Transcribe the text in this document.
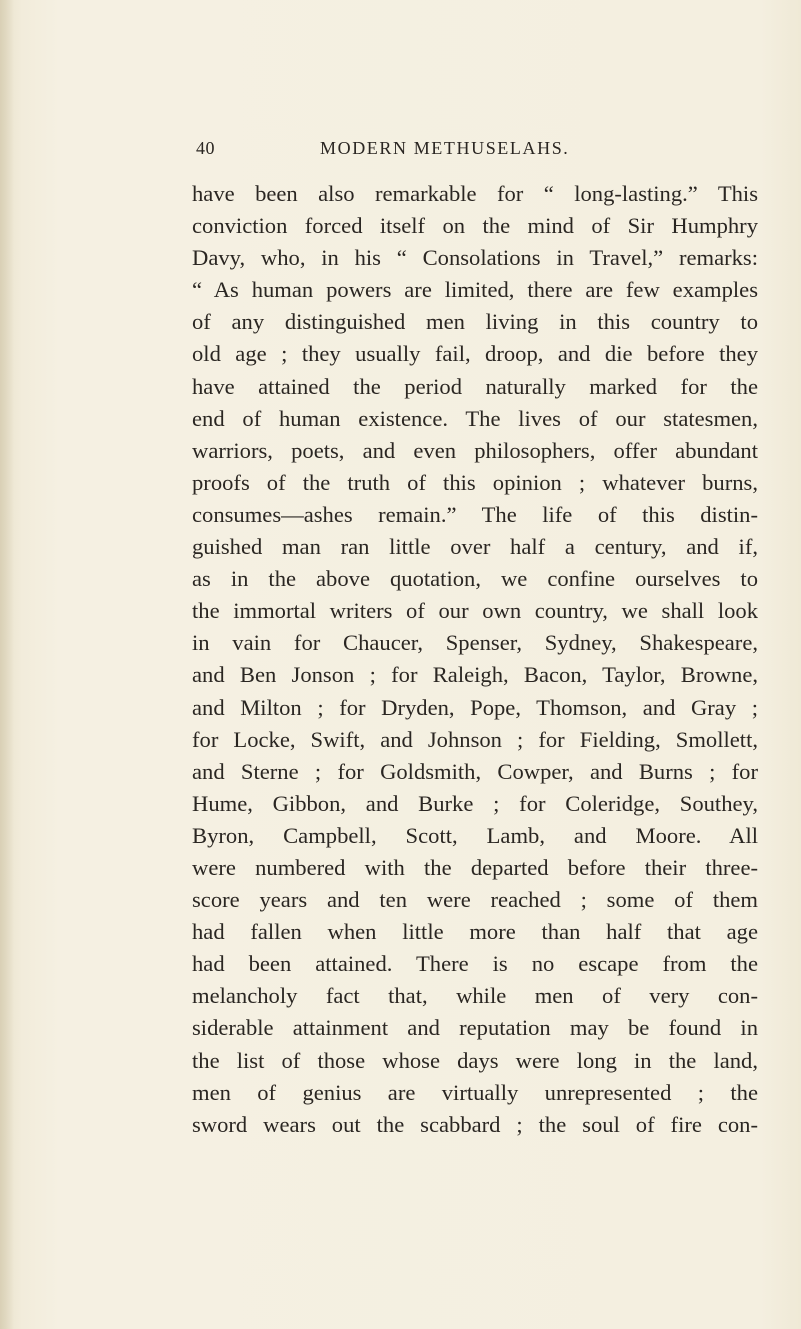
40	MODERN METHUSELAHS.
have been also remarkable for “ long-lasting.” This
conviction forced itself on the mind of Sir Humphry
Davy, who, in his “ Consolations in Travel,” remarks:
“ As human powers are limited, there are few examples
of any distinguished men living in this country to
old age ; they usually fail, droop, and die before they
have attained the period naturally marked for the
end of human existence. The lives of our statesmen,
warriors, poets, and even philosophers, offer abundant
proofs of the truth of this opinion ; whatever burns,
consumes—ashes remain.” The life of this distin-
guished man ran little over half a century, and if,
as in the above quotation, we confine ourselves to
the immortal writers of our own country, we shall look
in vain for Chaucer, Spenser, Sydney, Shakespeare,
and Ben Jonson ; for Raleigh, Bacon, Taylor, Browne,
and Milton ; for Dryden, Pope, Thomson, and Gray ;
for Locke, Swift, and Johnson ; for Fielding, Smollett,
and Sterne ; for Goldsmith, Cowper, and Burns ; for
Hume, Gibbon, and Burke ; for Coleridge, Southey,
Byron, Campbell, Scott, Lamb, and Moore. All
were numbered with the departed before their three-
score years and ten were reached ; some of them
had fallen when little more than half that age
had been attained. There is no escape from the
melancholy fact that, while men of very con-
siderable attainment and reputation may be found in
the list of those whose days were long in the land,
men of genius are virtually unrepresented ; the
sword wears out the scabbard ; the soul of fire con-
